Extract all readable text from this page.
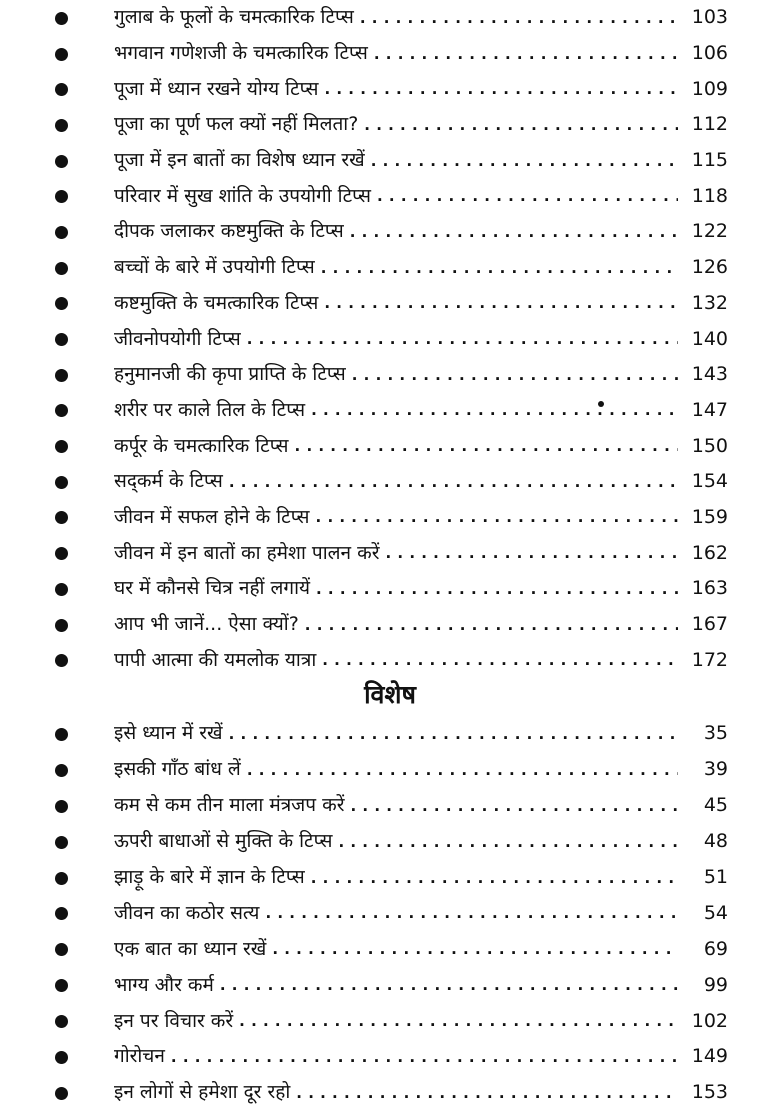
गुलाब के फूलों के चमत्कारिक टिप्स . . .	103
भगवान गणेशजी के चमत्कारिक टिप्स . . .	106
पूजा में ध्यान रखने योग्य टिप्स . . .	109
पूजा का पूर्ण फल क्यों नहीं मिलता? . . .	112
पूजा में इन बातों का विशेष ध्यान रखें . . .	115
परिवार में सुख शांति के उपयोगी टिप्स . . .	118
दीपक जलाकर कष्टमुक्ति के टिप्स . . .	122
बच्चों के बारे में उपयोगी टिप्स . . .	126
कष्टमुक्ति के चमत्कारिक टिप्स . . .	132
जीवनोपयोगी टिप्स . . .	140
हनुमानजी की कृपा प्राप्ति के टिप्स . . .	143
शरीर पर काले तिल के टिप्स . . .	147
कर्पूर के चमत्कारिक टिप्स . . .	150
सद्कर्म के टिप्स . . .	154
जीवन में सफल होने के टिप्स . . .	159
जीवन में इन बातों का हमेशा पालन करें . . .	162
घर में कौनसे चित्र नहीं लगायें . . .	163
आप भी जानें... ऐसा क्यों? . . .	167
पापी आत्मा की यमलोक यात्रा . . .	172
विशेष
इसे ध्यान में रखें . . .	35
इसकी गाँठ बांध लें . . .	39
कम से कम तीन माला मंत्रजप करें . . .	45
ऊपरी बाधाओं से मुक्ति के टिप्स . . .	48
झाड़ू के बारे में ज्ञान के टिप्स . . .	51
जीवन का कठोर सत्य . . .	54
एक बात का ध्यान रखें . . .	69
भाग्य और कर्म . . .	99
इन पर विचार करें . . .	102
गोरोचन . . .	149
इन लोगों से हमेशा दूर रहो . . .	153
